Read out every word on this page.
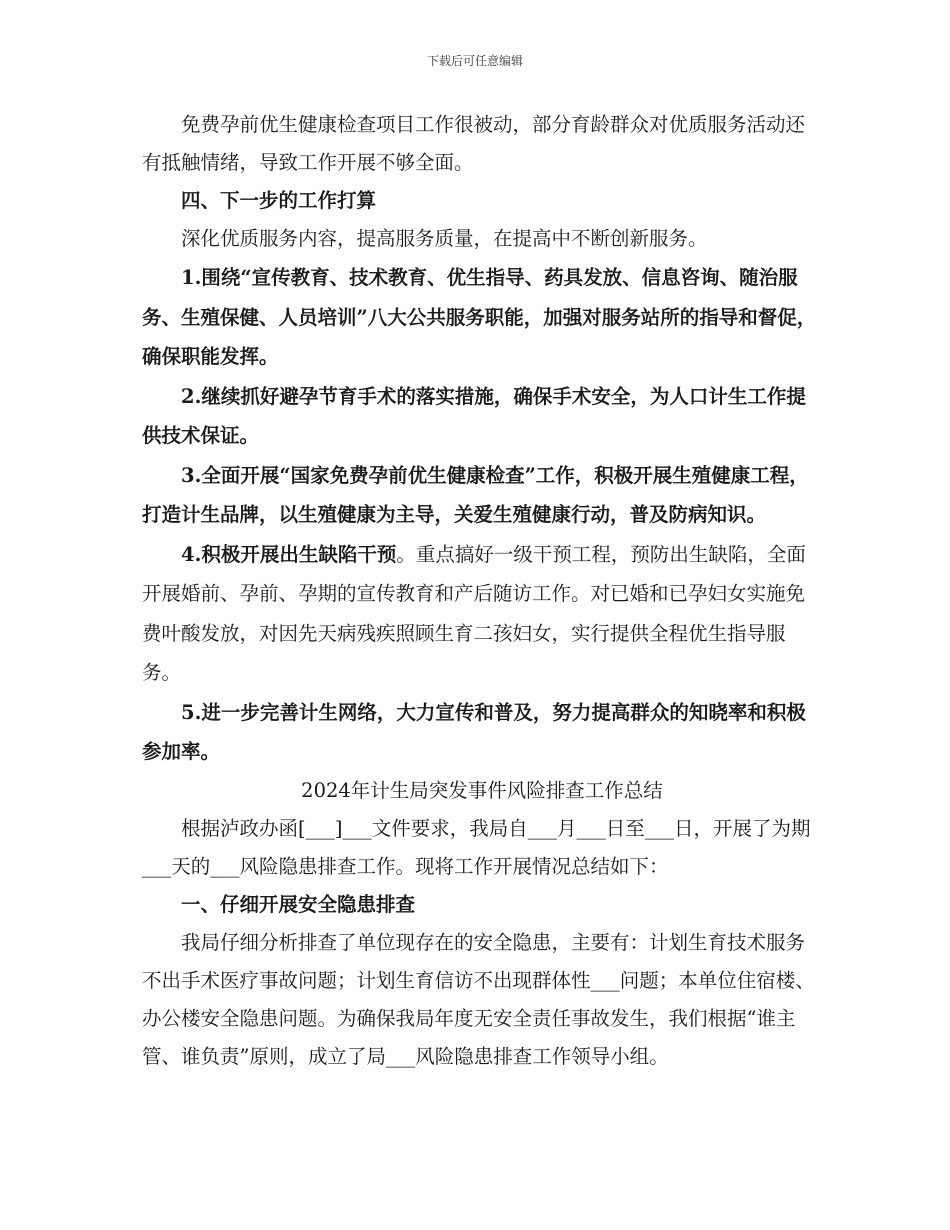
下载后可任意编辑

免费孕前优生健康检查项目工作很被动，部分育龄群众对优质服务活动还有抵触情绪，导致工作开展不够全面。

四、下一步的工作打算

深化优质服务内容，提高服务质量，在提高中不断创新服务。

1.围绕“宣传教育、技术教育、优生指导、药具发放、信息咨询、随治服务、生殖保健、人员培训”八大公共服务职能，加强对服务站所的指导和督促，确保职能发挥。

2.继续抓好避孕节育手术的落实措施，确保手术安全，为人口计生工作提供技术保证。

3.全面开展“国家免费孕前优生健康检查”工作，积极开展生殖健康工程，打造计生品牌，以生殖健康为主导，关爱生殖健康行动，普及防病知识。

4.积极开展出生缺陷干预。重点搞好一级干预工程，预防出生缺陷，全面开展婚前、孕前、孕期的宣传教育和产后随访工作。对已婚和已孕妇女实施免费叶酸发放，对因先天病残疾照顾生育二孩妇女，实行提供全程优生指导服务。

5.进一步完善计生网络，大力宣传和普及，努力提高群众的知晓率和积极参加率。

2024年计生局突发事件风险排查工作总结

根据泸政办函[___]___文件要求，我局自___月___日至___日，开展了为期___天的___风险隐患排查工作。现将工作开展情况总结如下：

一、仔细开展安全隐患排查

我局仔细分析排查了单位现存在的安全隐患，主要有：计划生育技术服务不出手术医疗事故问题；计划生育信访不出现群体性___问题；本单位住宿楼、办公楼安全隐患问题。为确保我局年度无安全责任事故发生，我们根据“谁主管、谁负责”原则，成立了局___风险隐患排查工作领导小组。
